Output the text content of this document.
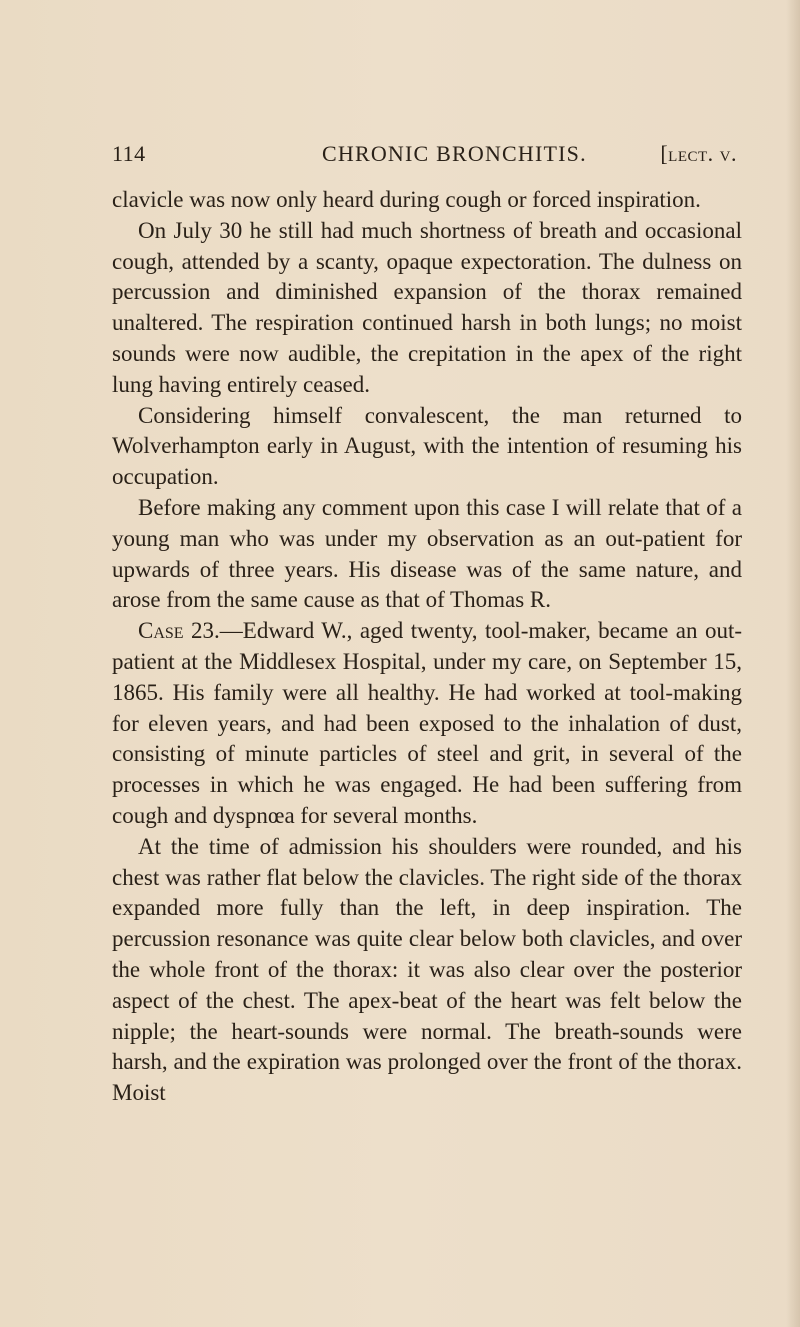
114	CHRONIC BRONCHITIS.	[lect. v.

clavicle was now only heard during cough or forced inspiration.

On July 30 he still had much shortness of breath and occasional cough, attended by a scanty, opaque expectoration. The dulness on percussion and diminished expansion of the thorax remained unaltered. The respiration continued harsh in both lungs; no moist sounds were now audible, the crepitation in the apex of the right lung having entirely ceased.

Considering himself convalescent, the man returned to Wolverhampton early in August, with the intention of resuming his occupation.

Before making any comment upon this case I will relate that of a young man who was under my observation as an out-patient for upwards of three years. His disease was of the same nature, and arose from the same cause as that of Thomas R.

Case 23.—Edward W., aged twenty, tool-maker, became an out-patient at the Middlesex Hospital, under my care, on September 15, 1865. His family were all healthy. He had worked at tool-making for eleven years, and had been exposed to the inhalation of dust, consisting of minute particles of steel and grit, in several of the processes in which he was engaged. He had been suffering from cough and dyspnœa for several months.

At the time of admission his shoulders were rounded, and his chest was rather flat below the clavicles. The right side of the thorax expanded more fully than the left, in deep inspiration. The percussion resonance was quite clear below both clavicles, and over the whole front of the thorax: it was also clear over the posterior aspect of the chest. The apex-beat of the heart was felt below the nipple; the heart-sounds were normal. The breath-sounds were harsh, and the expiration was prolonged over the front of the thorax. Moist
